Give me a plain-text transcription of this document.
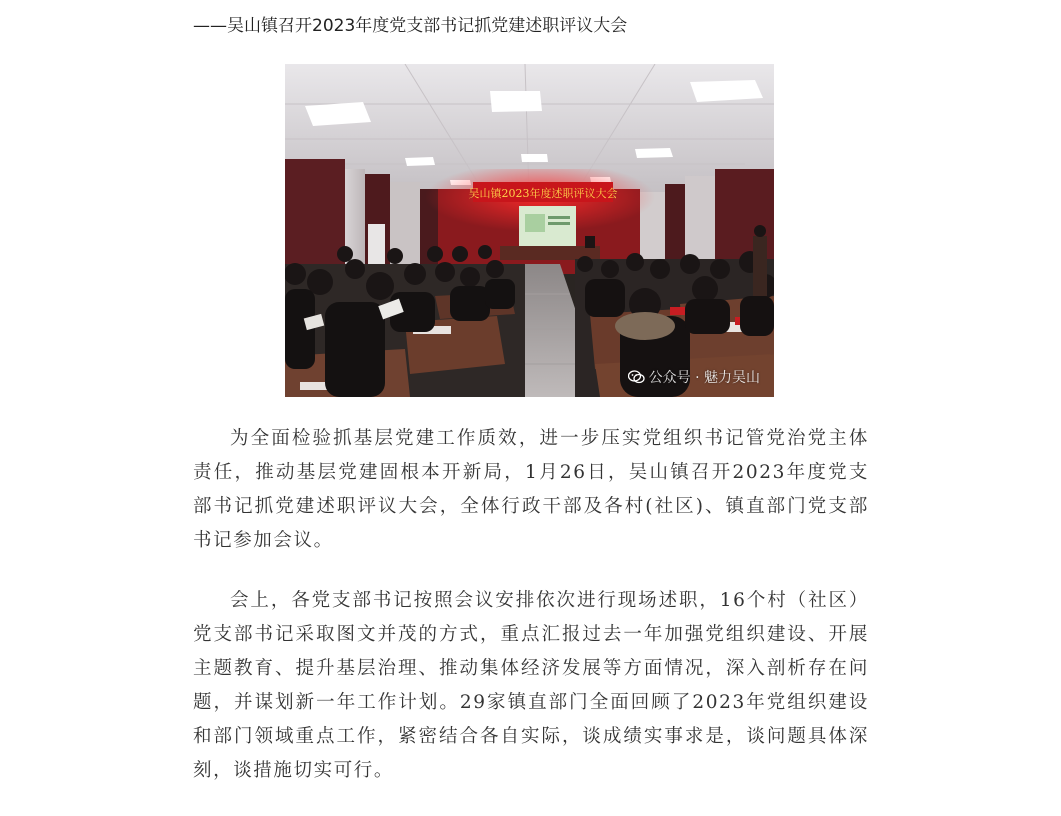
——吴山镇召开2023年度党支部书记抓党建述职评议大会
吴山镇2023年度述职评议大会
公众号 · 魅力吴山

为全面检验抓基层党建工作质效，进一步压实党组织书记管党治党主体责任，推动基层党建固根本开新局，1月26日，吴山镇召开2023年度党支部书记抓党建述职评议大会，全体行政干部及各村(社区)、镇直部门党支部书记参加会议。

会上，各党支部书记按照会议安排依次进行现场述职，16个村（社区）党支部书记采取图文并茂的方式，重点汇报过去一年加强党组织建设、开展主题教育、提升基层治理、推动集体经济发展等方面情况，深入剖析存在问题，并谋划新一年工作计划。29家镇直部门全面回顾了2023年党组织建设和部门领域重点工作，紧密结合各自实际，谈成绩实事求是，谈问题具体深刻，谈措施切实可行。
